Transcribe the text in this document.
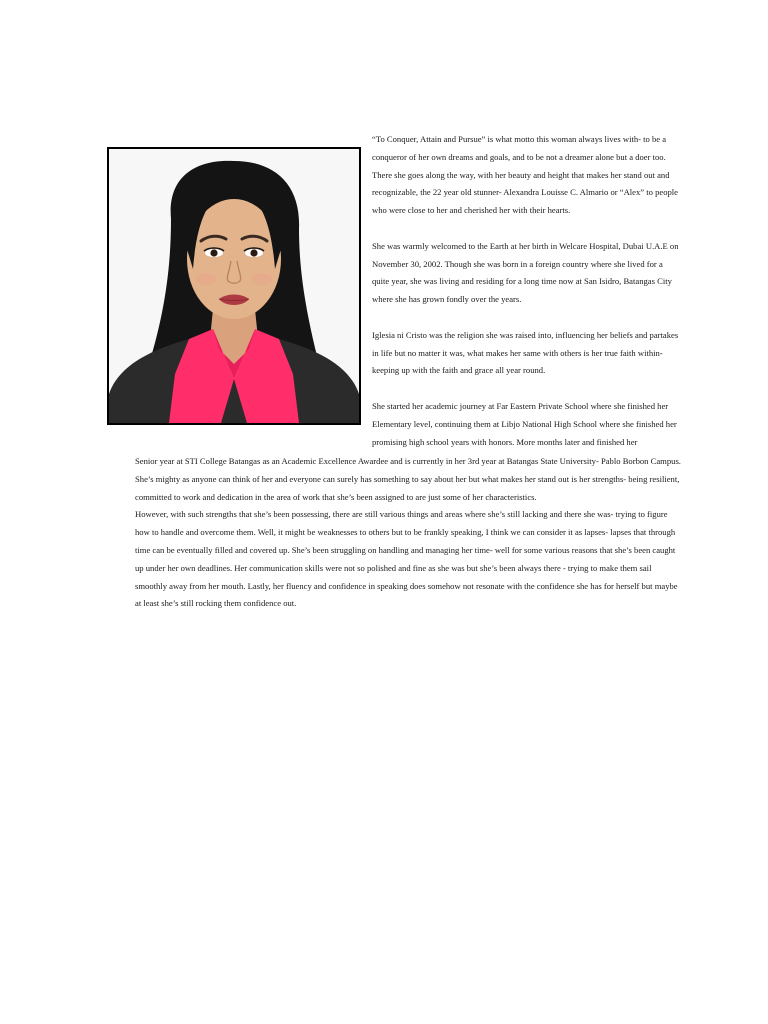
“To Conquer, Attain and Pursue” is what motto this woman always lives with- to be a conqueror of her own dreams and goals, and to be not a dreamer alone but a doer too. There she goes along the way, with her beauty and height that makes her stand out and recognizable, the 22 year old stunner- Alexandra Louisse C. Almario or “Alex” to people who were close to her and cherished her with their hearts.

She was warmly welcomed to the Earth at her birth in Welcare Hospital, Dubai U.A.E on November 30, 2002. Though she was born in a foreign country where she lived for a quite year, she was living and residing for a long time now at San Isidro, Batangas City where she has grown fondly over the years.

Iglesia ni Cristo was the religion she was raised into, influencing her beliefs and partakes in life but no matter it was, what makes her same with others is her true faith within- keeping up with the faith and grace all year round.

She started her academic journey at Far Eastern Private School where she finished her Elementary level, continuing them at Libjo National High School where she finished her promising high school years with honors. More months later and finished her

Senior year at STI College Batangas as an Academic Excellence Awardee and is currently in her 3rd year at Batangas State University- Pablo Borbon Campus.

She’s mighty as anyone can think of her and everyone can surely has something to say about her but what makes her stand out is her strengths- being resilient, committed to work and dedication in the area of work that she’s been assigned to are just some of her characteristics.

However, with such strengths that she’s been possessing, there are still various things and areas where she’s still lacking and there she was- trying to figure how to handle and overcome them. Well, it might be weaknesses to others but to be frankly speaking, I think we can consider it as lapses- lapses that through time can be eventually filled and covered up. She’s been struggling on handling and managing her time- well for some various reasons that she’s been caught up under her own deadlines. Her communication skills were not so polished and fine as she was but she’s been always there - trying to make them sail smoothly away from her mouth. Lastly, her fluency and confidence in speaking does somehow not resonate with the confidence she has for herself but maybe at least she’s still rocking them confidence out.
